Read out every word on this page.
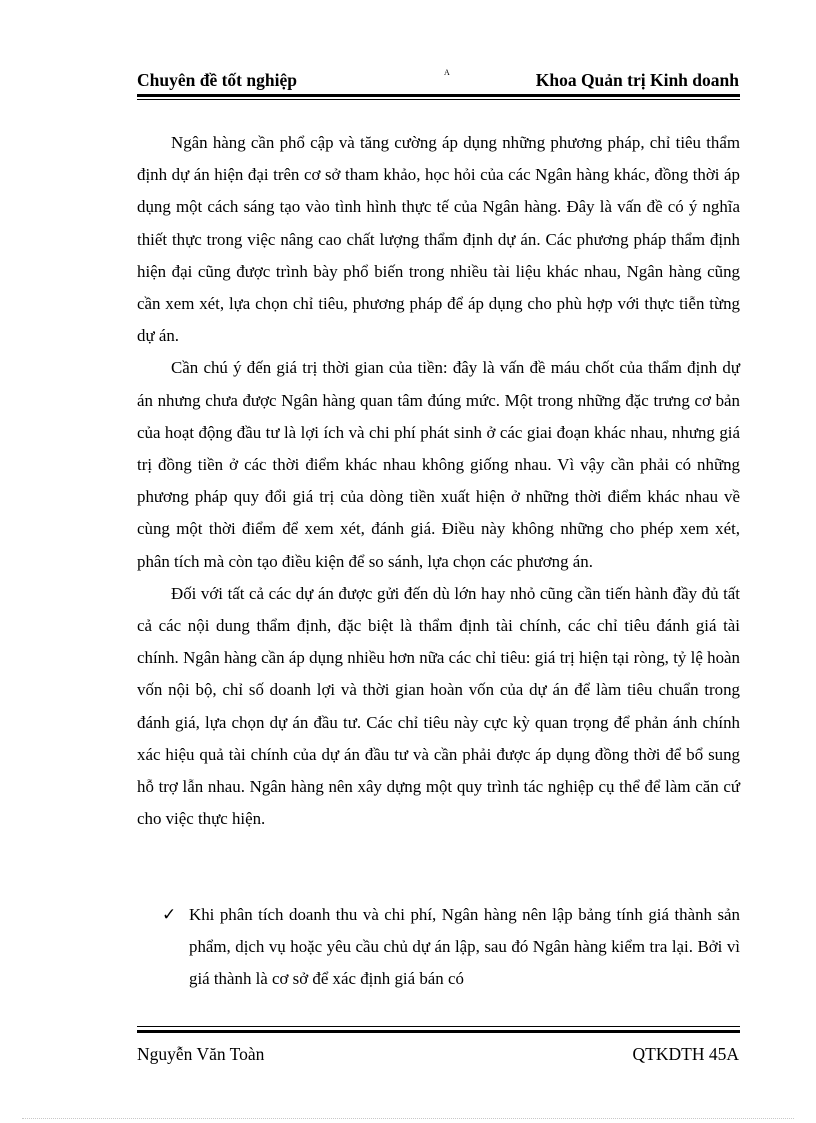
Chuyên đề tốt nghiệp	A	Khoa Quản trị Kinh doanh

Ngân hàng cần phổ cập và tăng cường áp dụng những phương pháp, chỉ tiêu thẩm định dự án hiện đại trên cơ sở tham khảo, học hỏi của các Ngân hàng khác, đồng thời áp dụng một cách sáng tạo vào tình hình thực tế của Ngân hàng. Đây là vấn đề có ý nghĩa thiết thực trong việc nâng cao chất lượng thẩm định dự án. Các phương pháp thẩm định hiện đại cũng được trình bày phổ biến trong nhiều tài liệu khác nhau, Ngân hàng cũng cần xem xét, lựa chọn chỉ tiêu, phương pháp để áp dụng cho phù hợp với thực tiễn từng dự án.

Cần chú ý đến giá trị thời gian của tiền: đây là vấn đề máu chốt của thẩm định dự án nhưng chưa được Ngân hàng quan tâm đúng mức. Một trong những đặc trưng cơ bản của hoạt động đầu tư là lợi ích và chi phí phát sinh ở các giai đoạn khác nhau, nhưng giá trị đồng tiền ở các thời điểm khác nhau không giống nhau. Vì vậy cần phải có những phương pháp quy đổi giá trị của dòng tiền xuất hiện ở những thời điểm khác nhau về cùng một thời điểm để xem xét, đánh giá. Điều này không những cho phép xem xét, phân tích mà còn tạo điều kiện để so sánh, lựa chọn các phương án.

Đối với tất cả các dự án được gửi đến dù lớn hay nhỏ cũng cần tiến hành đầy đủ tất cả các nội dung thẩm định, đặc biệt là thẩm định tài chính, các chỉ tiêu đánh giá tài chính. Ngân hàng cần áp dụng nhiều hơn nữa các chỉ tiêu: giá trị hiện tại ròng, tỷ lệ hoàn vốn nội bộ, chỉ số doanh lợi và thời gian hoàn vốn của dự án để làm tiêu chuẩn trong đánh giá, lựa chọn dự án đầu tư. Các chỉ tiêu này cực kỳ quan trọng để phản ánh chính xác hiệu quả tài chính của dự án đầu tư và cần phải được áp dụng đồng thời để bổ sung hỗ trợ lẫn nhau. Ngân hàng nên xây dựng một quy trình tác nghiệp cụ thể để làm căn cứ cho việc thực hiện.

✓ Khi phân tích doanh thu và chi phí, Ngân hàng nên lập bảng tính giá thành sản phẩm, dịch vụ hoặc yêu cầu chủ dự án lập, sau đó Ngân hàng kiểm tra lại. Bởi vì giá thành là cơ sở để xác định giá bán có
Nguyễn Văn Toàn	QTKDTH 45A
